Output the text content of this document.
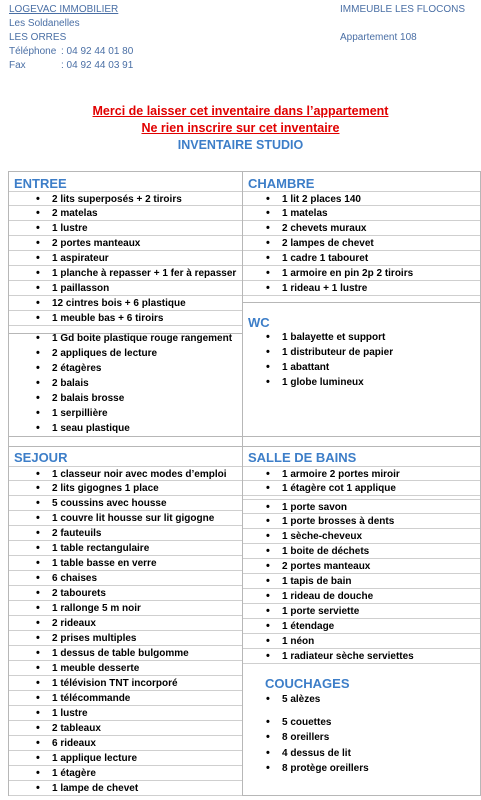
LOGEVAC IMMOBILIER
Les Soldanelles
LES ORRES
Téléphone : 04 92 44 01 80
Fax	: 04 92 44 03 91
IMMEUBLE LES FLOCONS
Appartement 108
Merci de laisser cet inventaire dans l’appartement
Ne rien inscrire sur cet inventaire
INVENTAIRE STUDIO
ENTREE
• 2 lits superposés + 2 tiroirs
• 2 matelas
• 1 lustre
• 2 portes manteaux
• 1 aspirateur
• 1 planche à repasser + 1 fer à repasser
• 1 paillasson
• 12 cintres bois + 6 plastique
• 1 meuble bas + 6 tiroirs
• 1 Gd boite plastique rouge rangement
• 2 appliques de lecture
• 2 étagères
• 2 balais
• 2 balais brosse
• 1 serpillière
• 1 seau plastique
SEJOUR
• 1 classeur noir avec modes d’emploi
• 2 lits gigognes 1 place
• 5 coussins avec housse
• 1 couvre lit housse sur lit gigogne
• 2 fauteuils
• 1 table rectangulaire
• 1 table basse en verre
• 6 chaises
• 2 tabourets
• 1 rallonge 5 m noir
• 2 rideaux
• 2 prises multiples
• 1 dessus de table bulgomme
• 1 meuble desserte
• 1 télévision TNT incorporé
• 1 télécommande
• 1 lustre
• 2 tableaux
• 6 rideaux
• 1 applique lecture
• 1 étagère
• 1 lampe de chevet
CHAMBRE
• 1 lit 2 places 140
• 1 matelas
• 2 chevets muraux
• 2 lampes de chevet
• 1 cadre 1 tabouret
• 1 armoire en pin 2p 2 tiroirs
• 1 rideau + 1 lustre
WC
• 1 balayette et support
• 1 distributeur de papier
• 1 abattant
• 1 globe lumineux
SALLE DE BAINS
• 1 armoire 2 portes miroir
• 1 étagère cot 1 applique
• 1 porte savon
• 1 porte brosses à dents
• 1 sèche-cheveux
• 1 boite de déchets
• 2 portes manteaux
• 1 tapis de bain
• 1 rideau de douche
• 1 porte serviette
• 1 étendage
• 1 néon
• 1 radiateur sèche serviettes
COUCHAGES
• 5 alèzes
• 5 couettes
• 8 oreillers
• 4 dessus de lit
• 8 protège oreillers
